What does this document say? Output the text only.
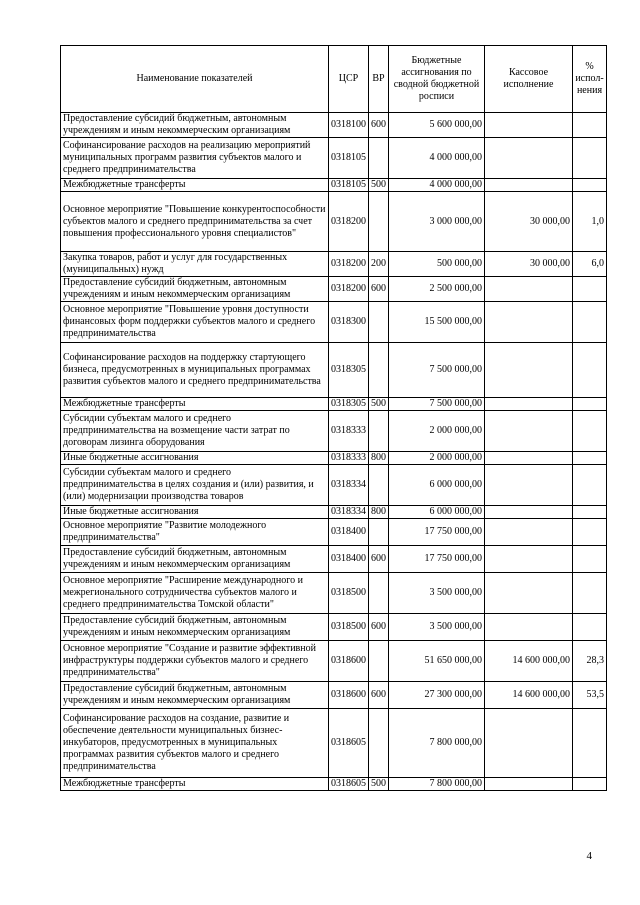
Наименование показателей	ЦСР	ВР	Бюджетные ассигнования по сводной бюджетной росписи	Кассовое исполнение	% испол-нения
Предоставление субсидий бюджетным, автономным учреждениям и иным некоммерческим организациям	0318100	600	5 600 000,00		
Софинансирование расходов на реализацию мероприятий муниципальных программ развития субъектов малого и среднего предпринимательства	0318105		4 000 000,00		
Межбюджетные трансферты	0318105	500	4 000 000,00		
Основное мероприятие "Повышение конкурентоспособности субъектов малого и среднего предпринимательства за счет повышения профессионального уровня специалистов"	0318200		3 000 000,00	30 000,00	1,0
Закупка товаров, работ и услуг для государственных (муниципальных) нужд	0318200	200	500 000,00	30 000,00	6,0
Предоставление субсидий бюджетным, автономным учреждениям и иным некоммерческим организациям	0318200	600	2 500 000,00		
Основное мероприятие "Повышение уровня доступности финансовых форм поддержки субъектов малого и среднего предпринимательства	0318300		15 500 000,00		
Софинансирование расходов на поддержку стартующего бизнеса, предусмотренных в муниципальных программах развития субъектов малого и среднего предпринимательства	0318305		7 500 000,00		
Межбюджетные трансферты	0318305	500	7 500 000,00		
Субсидии субъектам малого и среднего предпринимательства на возмещение части затрат по договорам лизинга оборудования	0318333		2 000 000,00		
Иные бюджетные ассигнования	0318333	800	2 000 000,00		
Субсидии субъектам малого и среднего предпринимательства в целях создания и (или) развития, и (или) модернизации производства товаров	0318334		6 000 000,00		
Иные бюджетные ассигнования	0318334	800	6 000 000,00		
Основное мероприятие "Развитие молодежного предпринимательства"	0318400		17 750 000,00		
Предоставление субсидий бюджетным, автономным учреждениям и иным некоммерческим организациям	0318400	600	17 750 000,00		
Основное мероприятие "Расширение международного и межрегионального сотрудничества субъектов малого и среднего предпринимательства Томской области"	0318500		3 500 000,00		
Предоставление субсидий бюджетным, автономным учреждениям и иным некоммерческим организациям	0318500	600	3 500 000,00		
Основное мероприятие "Создание и развитие эффективной инфраструктуры поддержки субъектов малого и среднего предпринимательства"	0318600		51 650 000,00	14 600 000,00	28,3
Предоставление субсидий бюджетным, автономным учреждениям и иным некоммерческим организациям	0318600	600	27 300 000,00	14 600 000,00	53,5
Софинансирование расходов на создание, развитие и обеспечение деятельности муниципальных бизнес-инкубаторов, предусмотренных в муниципальных программах развития субъектов малого и среднего предпринимательства	0318605		7 800 000,00		
Межбюджетные трансферты	0318605	500	7 800 000,00		
4
